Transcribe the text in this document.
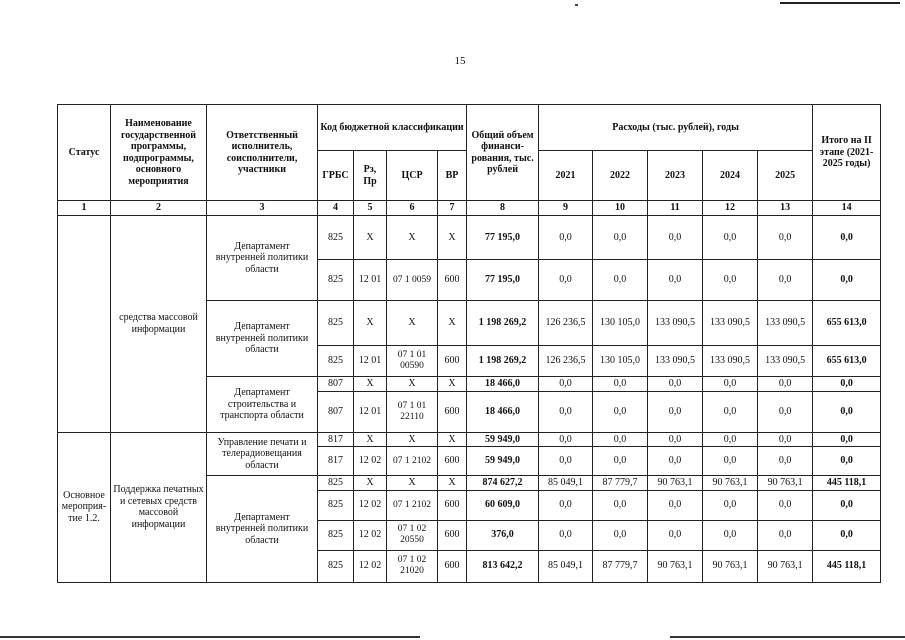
15
Статус	Наименование государственной программы, подпрограммы, основного мероприятия	Ответственный исполнитель, соисполнители, участники	Код бюджетной классификации				Общий объем финанси-рования, тыс. рублей	Расходы (тыс. рублей), годы					Итого на II этапе (2021-2025 годы)
			ГРБС	Рз, Пр	ЦСР	ВР		2021	2022	2023	2024	2025	
1	2	3	4	5	6	7	8	9	10	11	12	13	14
	средства массовой информации	Департамент внутренней политики области	825	Х	Х	Х	77 195,0	0,0	0,0	0,0	0,0	0,0	0,0
			825	12 01	07 1 0059	600	77 195,0	0,0	0,0	0,0	0,0	0,0	0,0
		Департамент внутренней политики области	825	Х	Х	Х	1 198 269,2	126 236,5	130 105,0	133 090,5	133 090,5	133 090,5	655 613,0
			825	12 01	07 1 01 00590	600	1 198 269,2	126 236,5	130 105,0	133 090,5	133 090,5	133 090,5	655 613,0
		Департамент строительства и транспорта области	807	Х	Х	Х	18 466,0	0,0	0,0	0,0	0,0	0,0	0,0
			807	12 01	07 1 01 22110	600	18 466,0	0,0	0,0	0,0	0,0	0,0	0,0
Основное мероприя-тие 1.2.	Поддержка печатных и сетевых средств массовой информации	Управление печати и телерадиовещания области	817	Х	Х	Х	59 949,0	0,0	0,0	0,0	0,0	0,0	0,0
			817	12 02	07 1 2102	600	59 949,0	0,0	0,0	0,0	0,0	0,0	0,0
		Департамент внутренней политики области	825	Х	Х	Х	874 627,2	85 049,1	87 779,7	90 763,1	90 763,1	90 763,1	445 118,1
			825	12 02	07 1 2102	600	60 609,0	0,0	0,0	0,0	0,0	0,0	0,0
			825	12 02	07 1 02 20550	600	376,0	0,0	0,0	0,0	0,0	0,0	0,0
			825	12 02	07 1 02 21020	600	813 642,2	85 049,1	87 779,7	90 763,1	90 763,1	90 763,1	445 118,1
